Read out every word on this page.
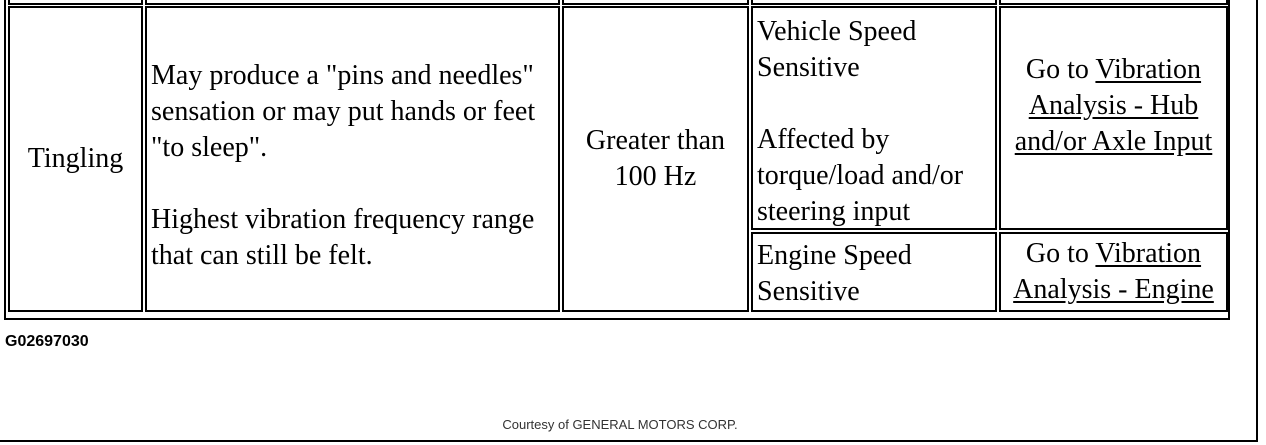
Tingling

May produce a "pins and needles" sensation or may put hands or feet "to sleep".

Highest vibration frequency range that can still be felt.

Greater than 100 Hz

Vehicle Speed Sensitive

Affected by torque/load and/or steering input

Go to Vibration Analysis - Hub and/or Axle Input

Engine Speed Sensitive

Go to Vibration Analysis - Engine
G02697030
Courtesy of GENERAL MOTORS CORP.
